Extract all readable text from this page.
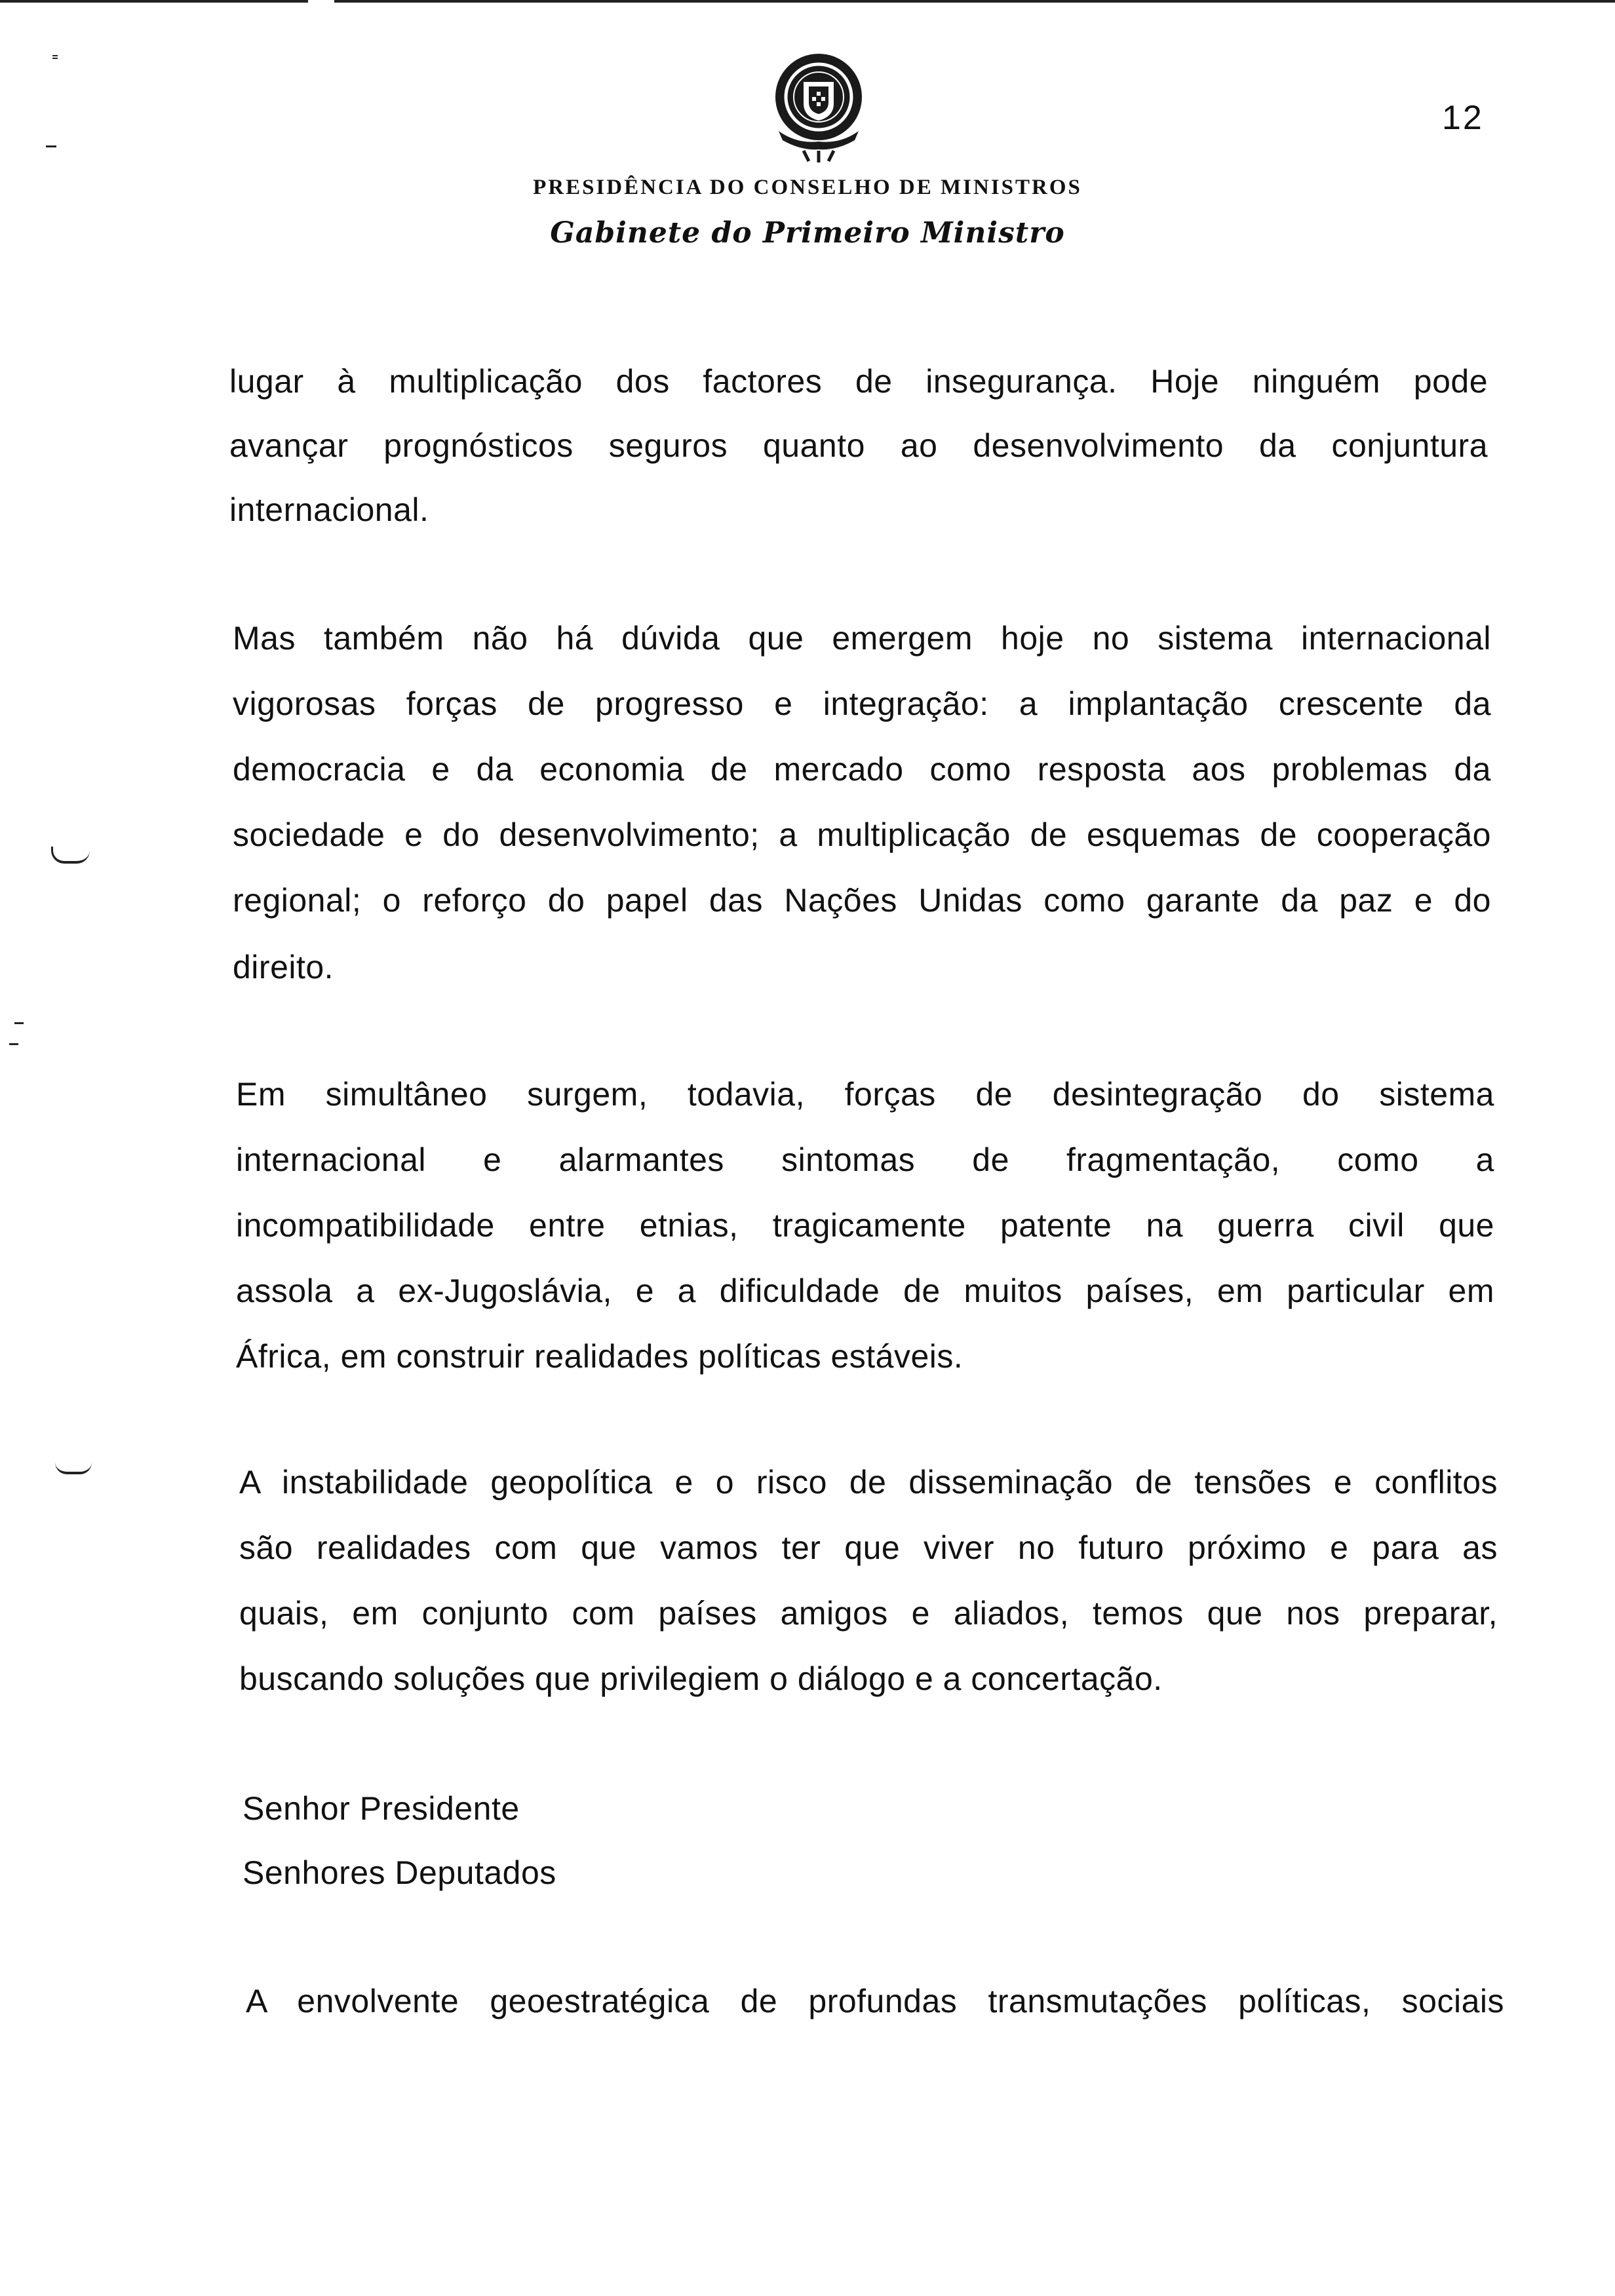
12
PRESIDÊNCIA DO CONSELHO DE MINISTROS
Gabinete do Primeiro Ministro
lugar à multiplicação dos factores de insegurança. Hoje ninguém pode
avançar prognósticos seguros quanto ao desenvolvimento da conjuntura
internacional.
Mas também não há dúvida que emergem hoje no sistema internacional
vigorosas forças de progresso e integração: a implantação crescente da
democracia e da economia de mercado como resposta aos problemas da
sociedade e do desenvolvimento; a multiplicação de esquemas de cooperação
regional; o reforço do papel das Nações Unidas como garante da paz e do
direito.
Em simultâneo surgem, todavia, forças de desintegração do sistema
internacional e alarmantes sintomas de fragmentação, como a
incompatibilidade entre etnias, tragicamente patente na guerra civil que
assola a ex-Jugoslávia, e a dificuldade de muitos países, em particular em
África, em construir realidades políticas estáveis.
A instabilidade geopolítica e o risco de disseminação de tensões e conflitos
são realidades com que vamos ter que viver no futuro próximo e para as
quais, em conjunto com países amigos e aliados, temos que nos preparar,
buscando soluções que privilegiem o diálogo e a concertação.
Senhor Presidente
Senhores Deputados
A envolvente geoestratégica de profundas transmutações políticas, sociais
